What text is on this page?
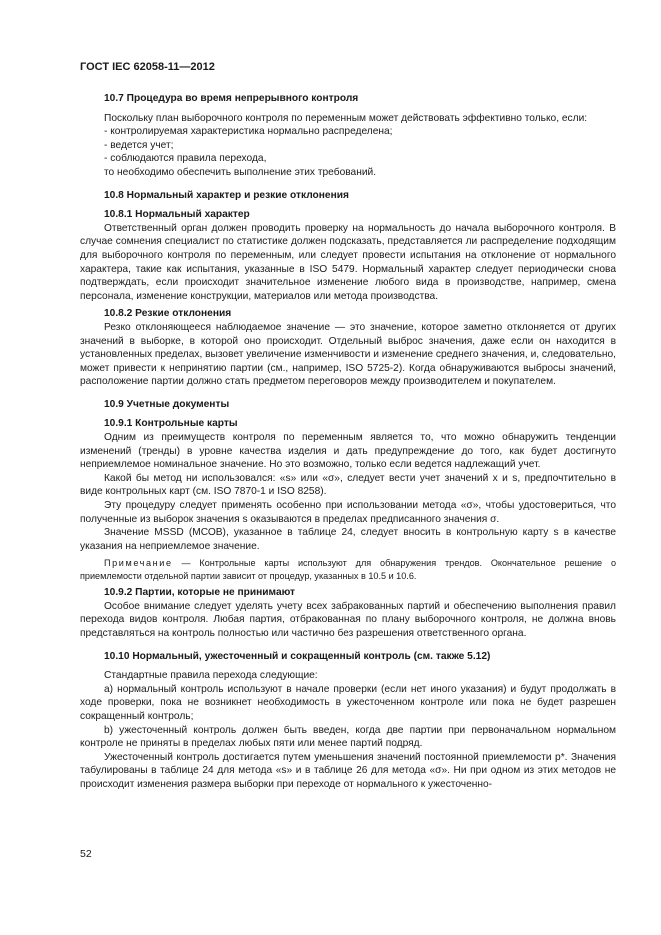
ГОСТ IEC 62058-11—2012
10.7 Процедура во время непрерывного контроля

Поскольку план выборочного контроля по переменным может действовать эффективно только, если:

- контролируемая характеристика нормально распределена;

- ведется учет;

- соблюдаются правила перехода,

то необходимо обеспечить выполнение этих требований.

10.8 Нормальный характер и резкие отклонения
10.8.1 Нормальный характер

Ответственный орган должен проводить проверку на нормальность до начала выборочного контроля. В случае сомнения специалист по статистике должен подсказать, представляется ли распределение подходящим для выборочного контроля по переменным, или следует провести испытания на отклонение от нормального характера, такие как испытания, указанные в ISO 5479. Нормальный характер следует периодически снова подтверждать, если происходит значительное изменение любого вида в производстве, например, смена персонала, изменение конструкции, материалов или метода производства.

10.8.2 Резкие отклонения

Резко отклоняющееся наблюдаемое значение — это значение, которое заметно отклоняется от других значений в выборке, в которой оно происходит. Отдельный выброс значения, даже если он находится в установленных пределах, вызовет увеличение изменчивости и изменение среднего значения, и, следовательно, может привести к непринятию партии (см., например, ISO 5725-2). Когда обнаруживаются выбросы значений, расположение партии должно стать предметом переговоров между производителем и покупателем.

10.9 Учетные документы
10.9.1 Контрольные карты

Одним из преимуществ контроля по переменным является то, что можно обнаружить тенденции изменений (тренды) в уровне качества изделия и дать предупреждение до того, как будет достигнуто неприемлемое номинальное значение. Но это возможно, только если ведется надлежащий учет.

Какой бы метод ни использовался: «s» или «σ», следует вести учет значений x и s, предпочтительно в виде контрольных карт (см. ISO 7870-1 и ISO 8258).

Эту процедуру следует применять особенно при использовании метода «σ», чтобы удостовериться, что полученные из выборок значения s оказываются в пределах предписанного значения σ.

Значение MSSD (МСОВ), указанное в таблице 24, следует вносить в контрольную карту s в качестве указания на неприемлемое значение.

Примечание — Контрольные карты используют для обнаружения трендов. Окончательное решение о приемлемости отдельной партии зависит от процедур, указанных в 10.5 и 10.6.

10.9.2 Партии, которые не принимают

Особое внимание следует уделять учету всех забракованных партий и обеспечению выполнения правил перехода видов контроля. Любая партия, отбракованная по плану выборочного контроля, не должна вновь представляться на контроль полностью или частично без разрешения ответственного органа.

10.10 Нормальный, ужесточенный и сокращенный контроль (см. также 5.12)

Стандартные правила перехода следующие:

a) нормальный контроль используют в начале проверки (если нет иного указания) и будут продолжать в ходе проверки, пока не возникнет необходимость в ужесточенном контроле или пока не будет разрешен сокращенный контроль;

b) ужесточенный контроль должен быть введен, когда две партии при первоначальном нормальном контроле не приняты в пределах любых пяти или менее партий подряд.

Ужесточенный контроль достигается путем уменьшения значений постоянной приемлемости p*. Значения табулированы в таблице 24 для метода «s» и в таблице 26 для метода «σ». Ни при одном из этих методов не происходит изменения размера выборки при переходе от нормального к ужесточенно-

52
